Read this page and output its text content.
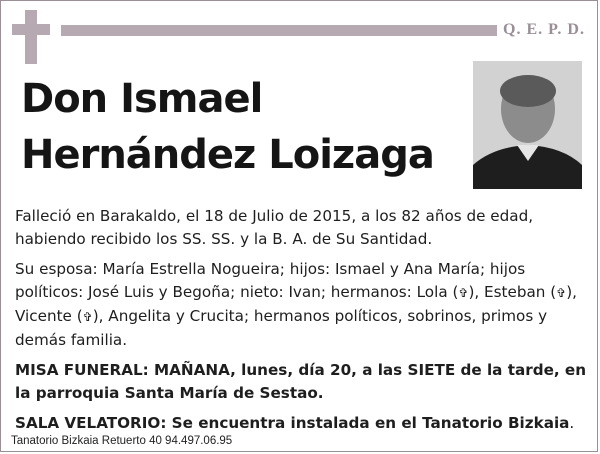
Q. E. P. D.
Don Ismael
Hernández Loizaga

Falleció en Barakaldo, el 18 de Julio de 2015, a los 82 años de edad, habiendo recibido los SS. SS. y la B. A. de Su Santidad.

Su esposa: María Estrella Nogueira; hijos: Ismael y Ana María; hijos políticos: José Luis y Begoña; nieto: Ivan; hermanos: Lola (✞), Esteban (✞), Vicente (✞), Angelita y Crucita; hermanos políticos, sobrinos, primos y demás familia.

MISA FUNERAL: MAÑANA, lunes, día 20, a las SIETE de la tarde, en la parroquia Santa María de Sestao.

SALA VELATORIO: Se encuentra instalada en el Tanatorio Bizkaia.

Tanatorio Bizkaia Retuerto 40 94.497.06.95
